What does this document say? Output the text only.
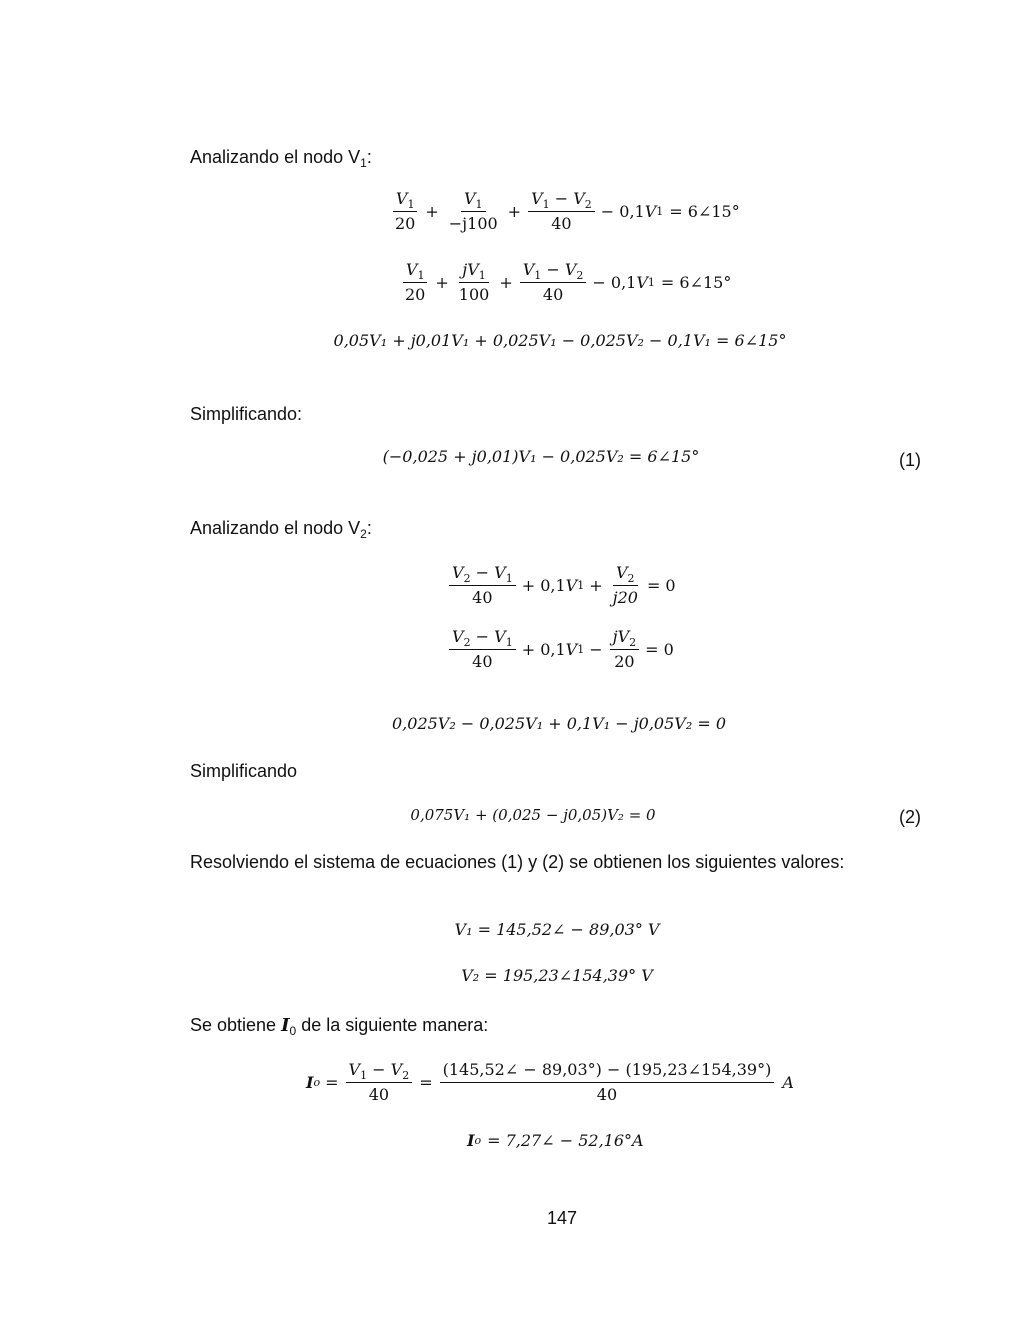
Analizando el nodo $V_1$:
$\frac{V_1}{20} + \frac{V_1}{-j100} + \frac{V_1 - V_2}{40} - 0,1$ V 1 = 6∠15°
$\frac{V_1}{20} + \frac{jV_1}{100} + \frac{V_1 - V_2}{40} - 0,1$ V 1 = 6∠15°
0,05V₁ + j0,01V₁ + 0,025V₁ − 0,025V₂ − 0,1V₁ = 6∠15°
Simplificando:
(−0,025 + j0,01)V₁ − 0,025V₂ = 6∠15°	(1)
Analizando el nodo $V_2$:
$\frac{V_2 - V_1}{40} + 0,1$ V $1 + \frac{V_2}{j20} = 0$
$\frac{V_2 - V_1}{40} + 0,1$ V $1 - \frac{jV_2}{20} = 0$
0,025V₂ − 0,025V₁ + 0,1V₁ − j0,05V₂ = 0
Simplificando
0,075V₁ + (0,025 − j0,05)V₂ = 0	(2)
Resolviendo el sistema de ecuaciones (1) y (2) se obtienen los siguientes valores:
V₁ = 145,52∠ − 89,03° V
V₂ = 195,23∠154,39° V
Se obtiene $I_0$ de la siguiente manera:
I $o = \frac{V_1 - V_2}{40} = \frac{(145,52\angle - 89,03^\circ) - (195,23\angle 154,39^\circ)}{40}$ A
I o = 7,27∠ − 52,16°A
147
